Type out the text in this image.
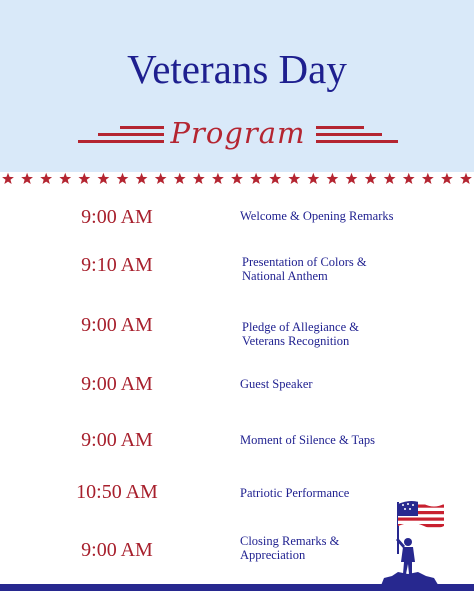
Veterans Day
Program
9:00 AM	Welcome & Opening Remarks
9:10 AM	Presentation of Colors &
National Anthem
9:00 AM	Pledge of Allegiance &
Veterans Recognition
9:00 AM	Guest Speaker
9:00 AM	Moment of Silence & Taps
10:50 AM	Patriotic Performance
9:00 AM	Closing Remarks &
Appreciation
